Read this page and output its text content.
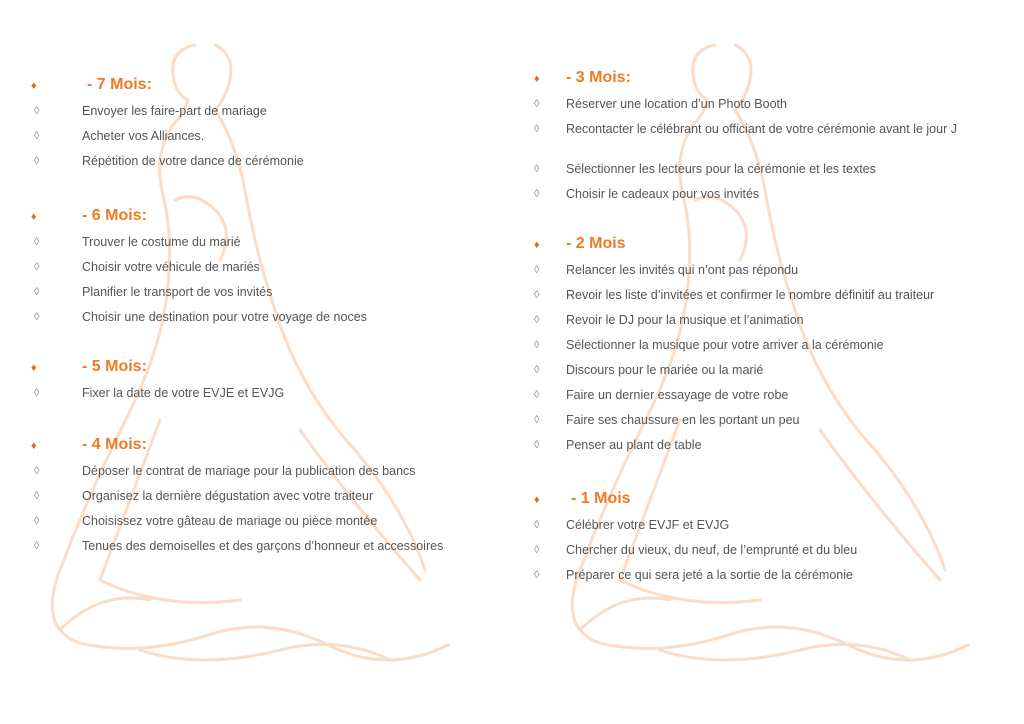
♦	- 7 Mois:
◊	Envoyer les faire-part de mariage
◊	Acheter vos Alliances.
◊	Répétition de votre dance de cérémonie
♦	- 6 Mois:
◊	Trouver le costume du marié
◊	Choisir votre véhicule de mariés
◊	Planifier le transport de vos invités
◊	Choisir une destination pour votre voyage de noces
♦	- 5 Mois:
◊	Fixer la date de votre EVJE et EVJG
♦	- 4 Mois:
◊	Déposer le contrat de mariage pour la publication des bancs
◊	Organisez la dernière dégustation avec votre traiteur
◊	Choisissez votre gâteau de mariage ou pièce montée
◊	Tenues des demoiselles et des garçons d’honneur et accessoires
♦ - 3 Mois:
◊ Réserver une location d’un Photo Booth
◊ Recontacter le célébrant ou officiant de votre cérémonie avant le jour J
◊ Sélectionner les lecteurs pour la cérémonie et les textes
◊ Choisir le cadeaux pour vos invités
♦ - 2 Mois
◊ Relancer les invités qui n’ont pas répondu
◊ Revoir les liste d’invitées et confirmer le nombre définitif au traiteur
◊ Revoir le DJ pour la musique et l’animation
◊ Sélectionner la musique pour votre arriver a la cérémonie
◊ Discours pour le mariée ou la marié
◊ Faire un dernier essayage de votre robe
◊ Faire ses chaussure en les portant un peu
◊ Penser au plant de table
♦ - 1 Mois
◊ Célébrer votre EVJF et EVJG
◊ Chercher du vieux, du neuf, de l’emprunté et du bleu
◊ Préparer ce qui sera jeté a la sortie de la cérémonie
